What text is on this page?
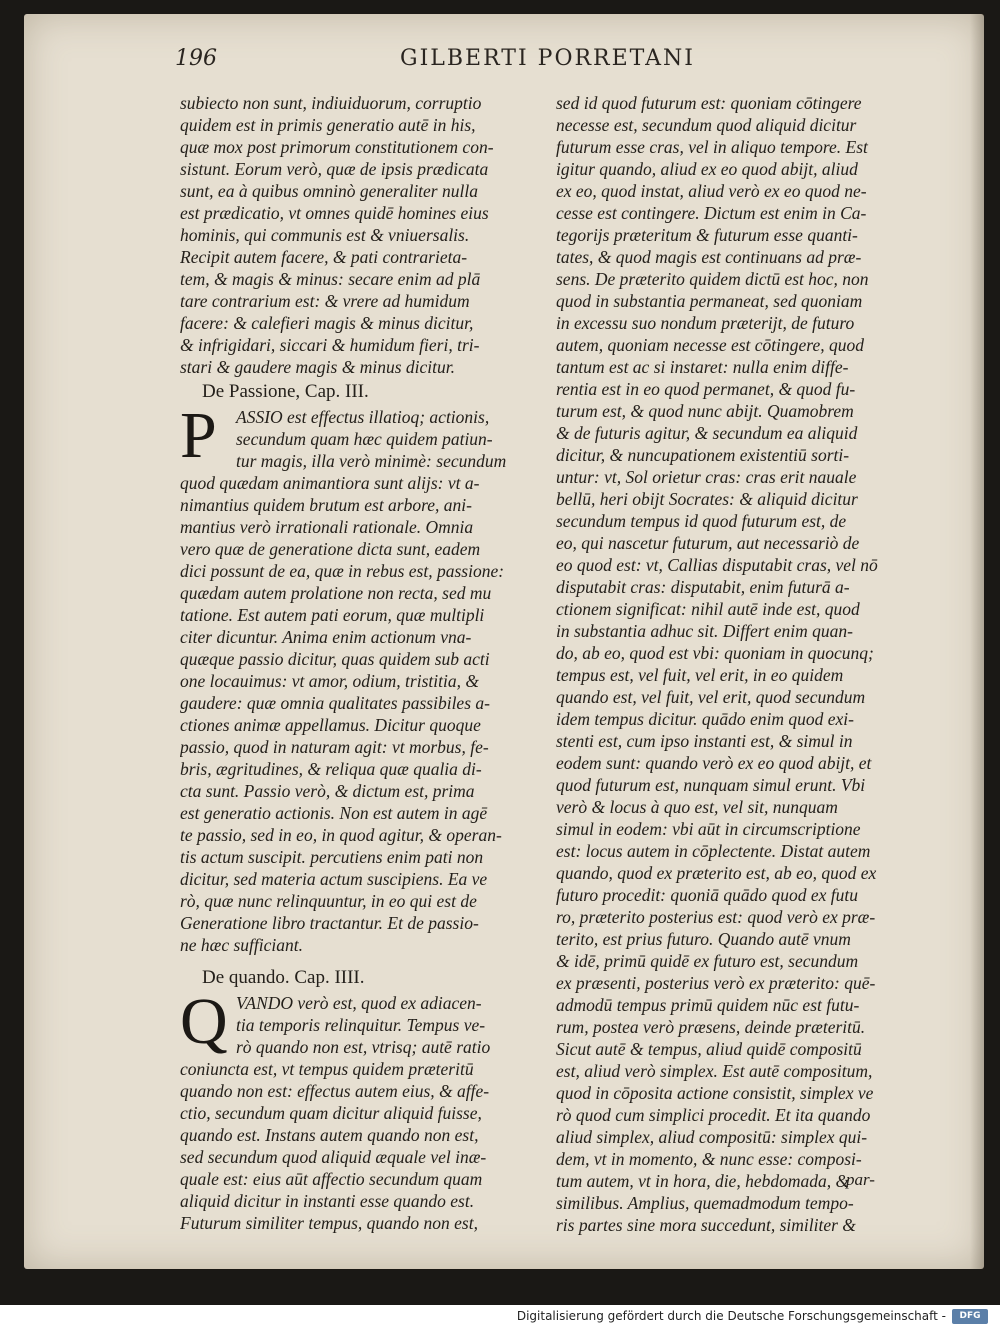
196	GILBERTI PORRETANI
subiecto non sunt, indiuiduorum, corruptio
quidem est in primis generatio autē in his,
quæ mox post primorum constitutionem con-
sistunt. Eorum verò, quæ de ipsis prædicata
sunt, ea à quibus omninò generaliter nulla
est prædicatio, vt omnes quidē homines eius
hominis, qui communis est & vniuersalis.
Recipit autem facere, & pati contrarieta-
tem, & magis & minus: secare enim ad plā
tare contrarium est: & vrere ad humidum
facere: & calefieri magis & minus dicitur,
& infrigidari, siccari & humidum fieri, tri-
stari & gaudere magis & minus dicitur.
De Passione, Cap. III.
ASSIO est effectus illatioq; actionis,
secundum quam hæc quidem patiun-
tur magis, illa verò minimè: secundum
quod quædam animantiora sunt alijs: vt a-
nimantius quidem brutum est arbore, ani-
mantius verò irrationali rationale. Omnia
vero quæ de generatione dicta sunt, eadem
dici possunt de ea, quæ in rebus est, passione:
quædam autem prolatione non recta, sed mu
tatione. Est autem pati eorum, quæ multipli
citer dicuntur. Anima enim actionum vna-
quæque passio dicitur, quas quidem sub acti
one locauimus: vt amor, odium, tristitia, &
gaudere: quæ omnia qualitates passibiles a-
ctiones animæ appellamus. Dicitur quoque
passio, quod in naturam agit: vt morbus, fe-
bris, ægritudines, & reliqua quæ qualia di-
cta sunt. Passio verò, & dictum est, prima
est generatio actionis. Non est autem in agē
te passio, sed in eo, in quod agitur, & operan-
tis actum suscipit. percutiens enim pati non
dicitur, sed materia actum suscipiens. Ea ve
rò, quæ nunc relinquuntur, in eo qui est de
Generatione libro tractantur. Et de passio-
ne hæc sufficiant.
P
De quando. Cap. IIII.
VANDO verò est, quod ex adiacen-
tia temporis relinquitur. Tempus ve-
rò quando non est, vtrisq; autē ratio
coniuncta est, vt tempus quidem præteritū
quando non est: effectus autem eius, & affe-
ctio, secundum quam dicitur aliquid fuisse,
quando est. Instans autem quando non est,
sed secundum quod aliquid æquale vel inæ-
quale est: eius aūt affectio secundum quam
aliquid dicitur in instanti esse quando est.
Futurum similiter tempus, quando non est,
Q
sed id quod futurum est: quoniam cōtingere
necesse est, secundum quod aliquid dicitur
futurum esse cras, vel in aliquo tempore. Est
igitur quando, aliud ex eo quod abijt, aliud
ex eo, quod instat, aliud verò ex eo quod ne-
cesse est contingere. Dictum est enim in Ca-
tegorijs præteritum & futurum esse quanti-
tates, & quod magis est continuans ad præ-
sens. De præterito quidem dictū est hoc, non
quod in substantia permaneat, sed quoniam
in excessu suo nondum præterijt, de futuro
autem, quoniam necesse est cōtingere, quod
tantum est ac si instaret: nulla enim diffe-
rentia est in eo quod permanet, & quod fu-
turum est, & quod nunc abijt. Quamobrem
& de futuris agitur, & secundum ea aliquid
dicitur, & nuncupationem existentiū sorti-
untur: vt, Sol orietur cras: cras erit nauale
bellū, heri obijt Socrates: & aliquid dicitur
secundum tempus id quod futurum est, de
eo, qui nascetur futurum, aut necessariò de
eo quod est: vt, Callias disputabit cras, vel nō
disputabit cras: disputabit, enim futurā a-
ctionem significat: nihil autē inde est, quod
in substantia adhuc sit. Differt enim quan-
do, ab eo, quod est vbi: quoniam in quocunq;
tempus est, vel fuit, vel erit, in eo quidem
quando est, vel fuit, vel erit, quod secundum
idem tempus dicitur. quādo enim quod exi-
stenti est, cum ipso instanti est, & simul in
eodem sunt: quando verò ex eo quod abijt, et
quod futurum est, nunquam simul erunt. Vbi
verò & locus à quo est, vel sit, nunquam
simul in eodem: vbi aūt in circumscriptione
est: locus autem in cōplectente. Distat autem
quando, quod ex præterito est, ab eo, quod ex
futuro procedit: quoniā quādo quod ex futu
ro, præterito posterius est: quod verò ex præ-
terito, est prius futuro. Quando autē vnum
& idē, primū quidē ex futuro est, secundum
ex præsenti, posterius verò ex præterito: quē-
admodū tempus primū quidem nūc est futu-
rum, postea verò præsens, deinde præteritū.
Sicut autē & tempus, aliud quidē compositū
est, aliud verò simplex. Est autē compositum,
quod in cōposita actione consistit, simplex ve
rò quod cum simplici procedit. Et ita quando
aliud simplex, aliud compositū: simplex qui-
dem, vt in momento, & nunc esse: composi-
tum autem, vt in hora, die, hebdomada, &
similibus. Amplius, quemadmodum tempo-
ris partes sine mora succedunt, similiter &
par-
Digitalisierung gefördert durch die Deutsche Forschungsgemeinschaft -	DFG
